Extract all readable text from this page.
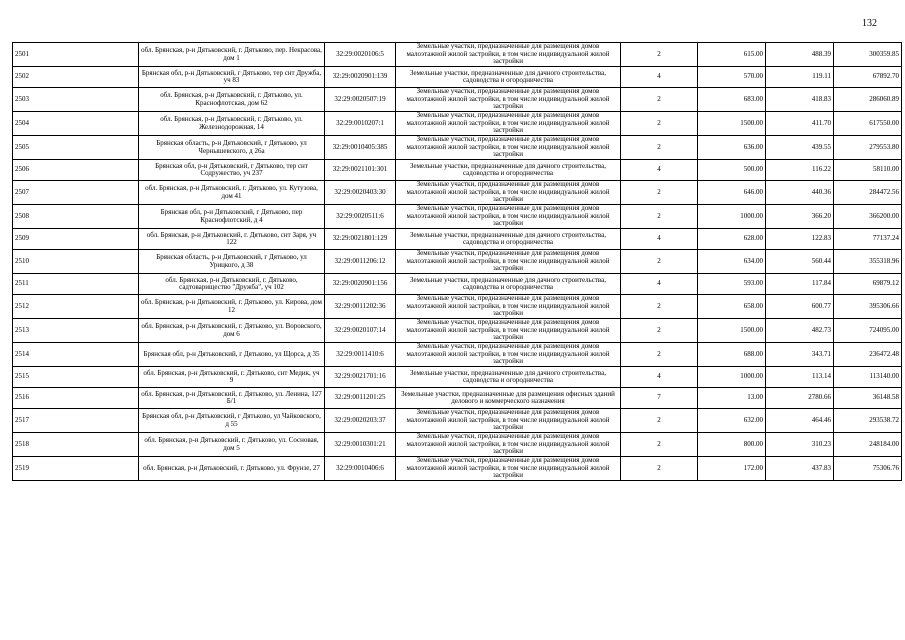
132
2501	обл. Брянская, р-н Дятьковский, г. Дятьково, пер. Некрасова, дом 1	32:29:0020106:5	Земельные участки, предназначенные для размещения домов малоэтажной жилой застройки, в том числе индивидуальной жилой застройки	2	615.00	488.39	300359.85
2502	Брянская обл, р-н Дятьковский, г Дятьково, тер снт Дружба, уч 83	32:29:0020901:139	Земельные участки, предназначенные для дачного строительства, садоводства и огородничества	4	570.00	119.11	67892.70
2503	обл. Брянская, р-н Дятьковский, г. Дятьково, ул. Краснофлотская, дом 62	32:29:0020507:19	Земельные участки, предназначенные для размещения домов малоэтажной жилой застройки, в том числе индивидуальной жилой застройки	2	683.00	418.83	286060.89
2504	обл. Брянская, р-н Дятьковский, г. Дятьково, ул. Железнодорожная, 14	32:29:0010207:1	Земельные участки, предназначенные для размещения домов малоэтажной жилой застройки, в том числе индивидуальной жилой застройки	2	1500.00	411.70	617550.00
2505	Брянская область, р-н Дятьковский, г Дятьково, ул Чернышевского, д 26а	32:29:0010405:385	Земельные участки, предназначенные для размещения домов малоэтажной жилой застройки, в том числе индивидуальной жилой застройки	2	636.00	439.55	279553.80
2506	Брянская обл, р-н Дятьковский, г Дятьково, тер снт Содружество, уч 237	32:29:0021101:301	Земельные участки, предназначенные для дачного строительства, садоводства и огородничества	4	500.00	116.22	58110.00
2507	обл. Брянская, р-н Дятьковский, г. Дятьково, ул. Кутузова, дом 41	32:29:0020403:30	Земельные участки, предназначенные для размещения домов малоэтажной жилой застройки, в том числе индивидуальной жилой застройки	2	646.00	440.36	284472.56
2508	Брянская обл, р-н Дятьковский, г Дятьково, пер Краснофлотский, д 4	32:29:0020511:6	Земельные участки, предназначенные для размещения домов малоэтажной жилой застройки, в том числе индивидуальной жилой застройки	2	1000.00	366.20	366200.00
2509	обл. Брянская, р-н Дятьковский, г. Дятьково, снт Заря, уч 122	32:29:0021801:129	Земельные участки, предназначенные для дачного строительства, садоводства и огородничества	4	628.00	122.83	77137.24
2510	Брянская область, р-н Дятьковский, г Дятьково, ул Урицкого, д 38	32:29:0011206:12	Земельные участки, предназначенные для размещения домов малоэтажной жилой застройки, в том числе индивидуальной жилой застройки	2	634.00	560.44	355318.96
2511	обл. Брянская, р-н Дятьковский, г. Дятьково, садтоварищество "Дружба", уч 102	32:29:0020901:156	Земельные участки, предназначенные для дачного строительства, садоводства и огородничества	4	593.00	117.84	69879.12
2512	обл. Брянская, р-н Дятьковский, г. Дятьково, ул. Кирова, дом 12	32:29:0011202:36	Земельные участки, предназначенные для размещения домов малоэтажной жилой застройки, в том числе индивидуальной жилой застройки	2	658.00	600.77	395306.66
2513	обл. Брянская, р-н Дятьковский, г. Дятьково, ул. Воровского, дом 6	32:29:0020107:14	Земельные участки, предназначенные для размещения домов малоэтажной жилой застройки, в том числе индивидуальной жилой застройки	2	1500.00	482.73	724095.00
2514	Брянская обл, р-н Дятьковский, г Дятьково, ул Щорса, д 35	32:29:0011410:6	Земельные участки, предназначенные для размещения домов малоэтажной жилой застройки, в том числе индивидуальной жилой застройки	2	688.00	343.71	236472.48
2515	обл. Брянская, р-н Дятьковский, г. Дятьково, снт Медик, уч 9	32:29:0021701:16	Земельные участки, предназначенные для дачного строительства, садоводства и огородничества	4	1000.00	113.14	113140.00
2516	обл. Брянская, р-н Дятьковский, г. Дятьково, ул. Ленина, 127 Б/1	32:29:0011201:25	Земельные участки, предназначенные для размещения офисных зданий делового и коммерческого назначения	7	13.00	2780.66	36148.58
2517	Брянская обл, р-н Дятьковский, г Дятьково, ул Чайковского, д 55	32:29:0020203:37	Земельные участки, предназначенные для размещения домов малоэтажной жилой застройки, в том числе индивидуальной жилой застройки	2	632.00	464.46	293538.72
2518	обл. Брянская, р-н Дятьковский, г. Дятьково, ул. Сосновая, дом 5	32:29:0010301:21	Земельные участки, предназначенные для размещения домов малоэтажной жилой застройки, в том числе индивидуальной жилой застройки	2	800.00	310.23	248184.00
2519	обл. Брянская, р-н Дятьковский, г. Дятьково, ул. Фрунзе, 27	32:29:0010406:6	Земельные участки, предназначенные для размещения домов малоэтажной жилой застройки, в том числе индивидуальной жилой застройки	2	172.00	437.83	75306.76
